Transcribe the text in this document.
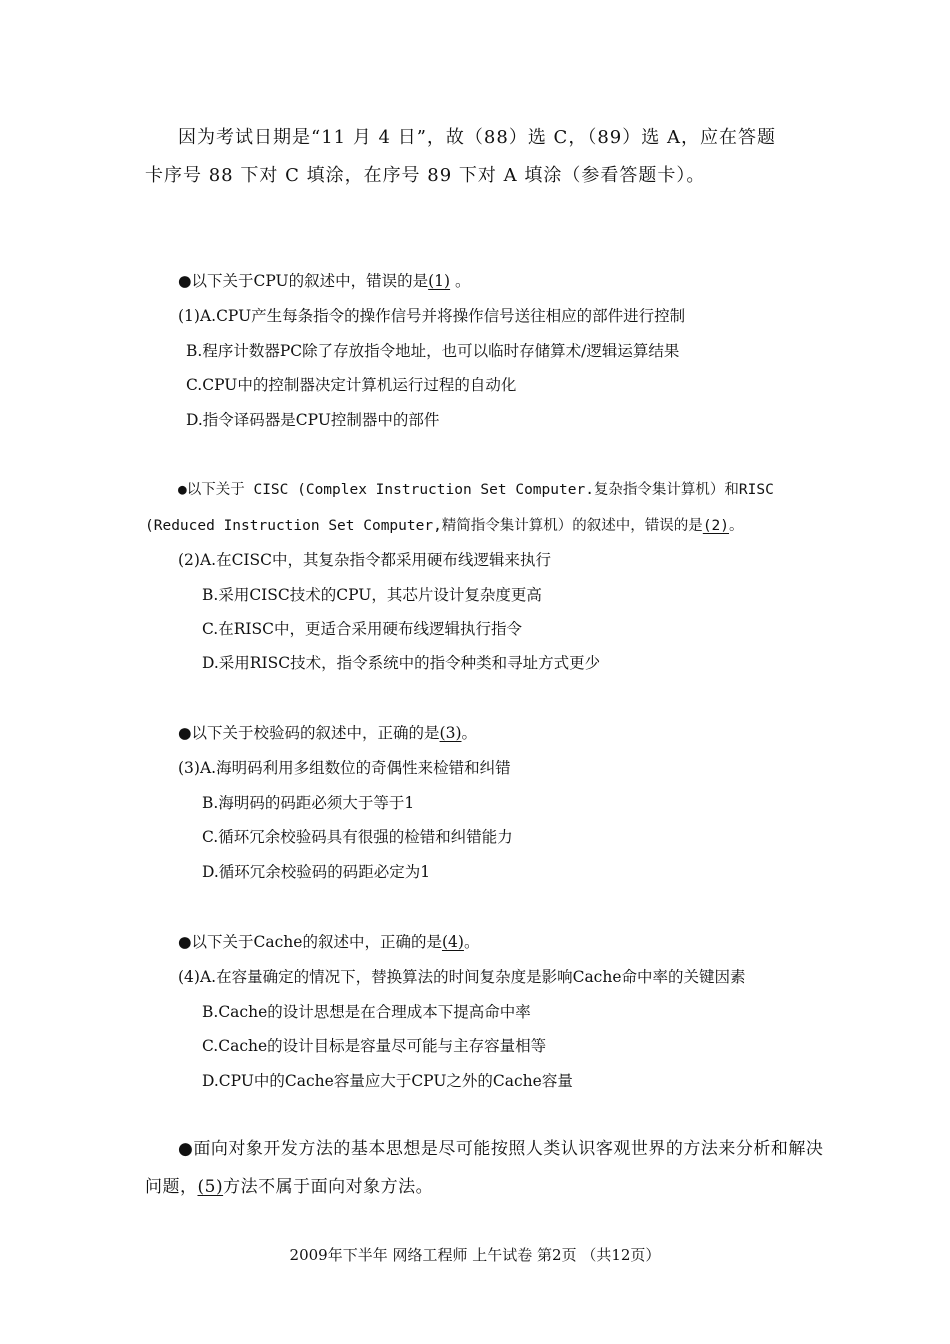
因为考试日期是“11 月 4 日”，故（88）选 C，（89）选 A，应在答题
卡序号 88 下对 C 填涂，在序号 89 下对 A 填涂（参看答题卡）。
●以下关于CPU的叙述中，错误的是(1) 。
(1)A.CPU产生每条指令的操作信号并将操作信号送往相应的部件进行控制
B.程序计数器PC除了存放指令地址，也可以临时存储算术/逻辑运算结果
C.CPU中的控制器决定计算机运行过程的自动化
D.指令译码器是CPU控制器中的部件
●以下关于 CISC (Complex Instruction Set Computer.复杂指令集计算机）和RISC
(Reduced Instruction Set Computer,精简指令集计算机）的叙述中，错误的是(2)。
(2)A.在CISC中，其复杂指令都采用硬布线逻辑来执行
B.采用CISC技术的CPU，其芯片设计复杂度更高
C.在RISC中，更适合采用硬布线逻辑执行指令
D.采用RISC技术，指令系统中的指令种类和寻址方式更少
●以下关于校验码的叙述中，正确的是(3)。
(3)A.海明码利用多组数位的奇偶性来检错和纠错
B.海明码的码距必须大于等于1
C.循环冗余校验码具有很强的检错和纠错能力
D.循环冗余校验码的码距必定为1
●以下关于Cache的叙述中，正确的是(4)。
(4)A.在容量确定的情况下，替换算法的时间复杂度是影响Cache命中率的关键因素
B.Cache的设计思想是在合理成本下提高命中率
C.Cache的设计目标是容量尽可能与主存容量相等
D.CPU中的Cache容量应大于CPU之外的Cache容量
●面向对象开发方法的基本思想是尽可能按照人类认识客观世界的方法来分析和解决
问题，(5)方法不属于面向对象方法。
2009年下半年 网络工程师 上午试卷 第2页 （共12页）
